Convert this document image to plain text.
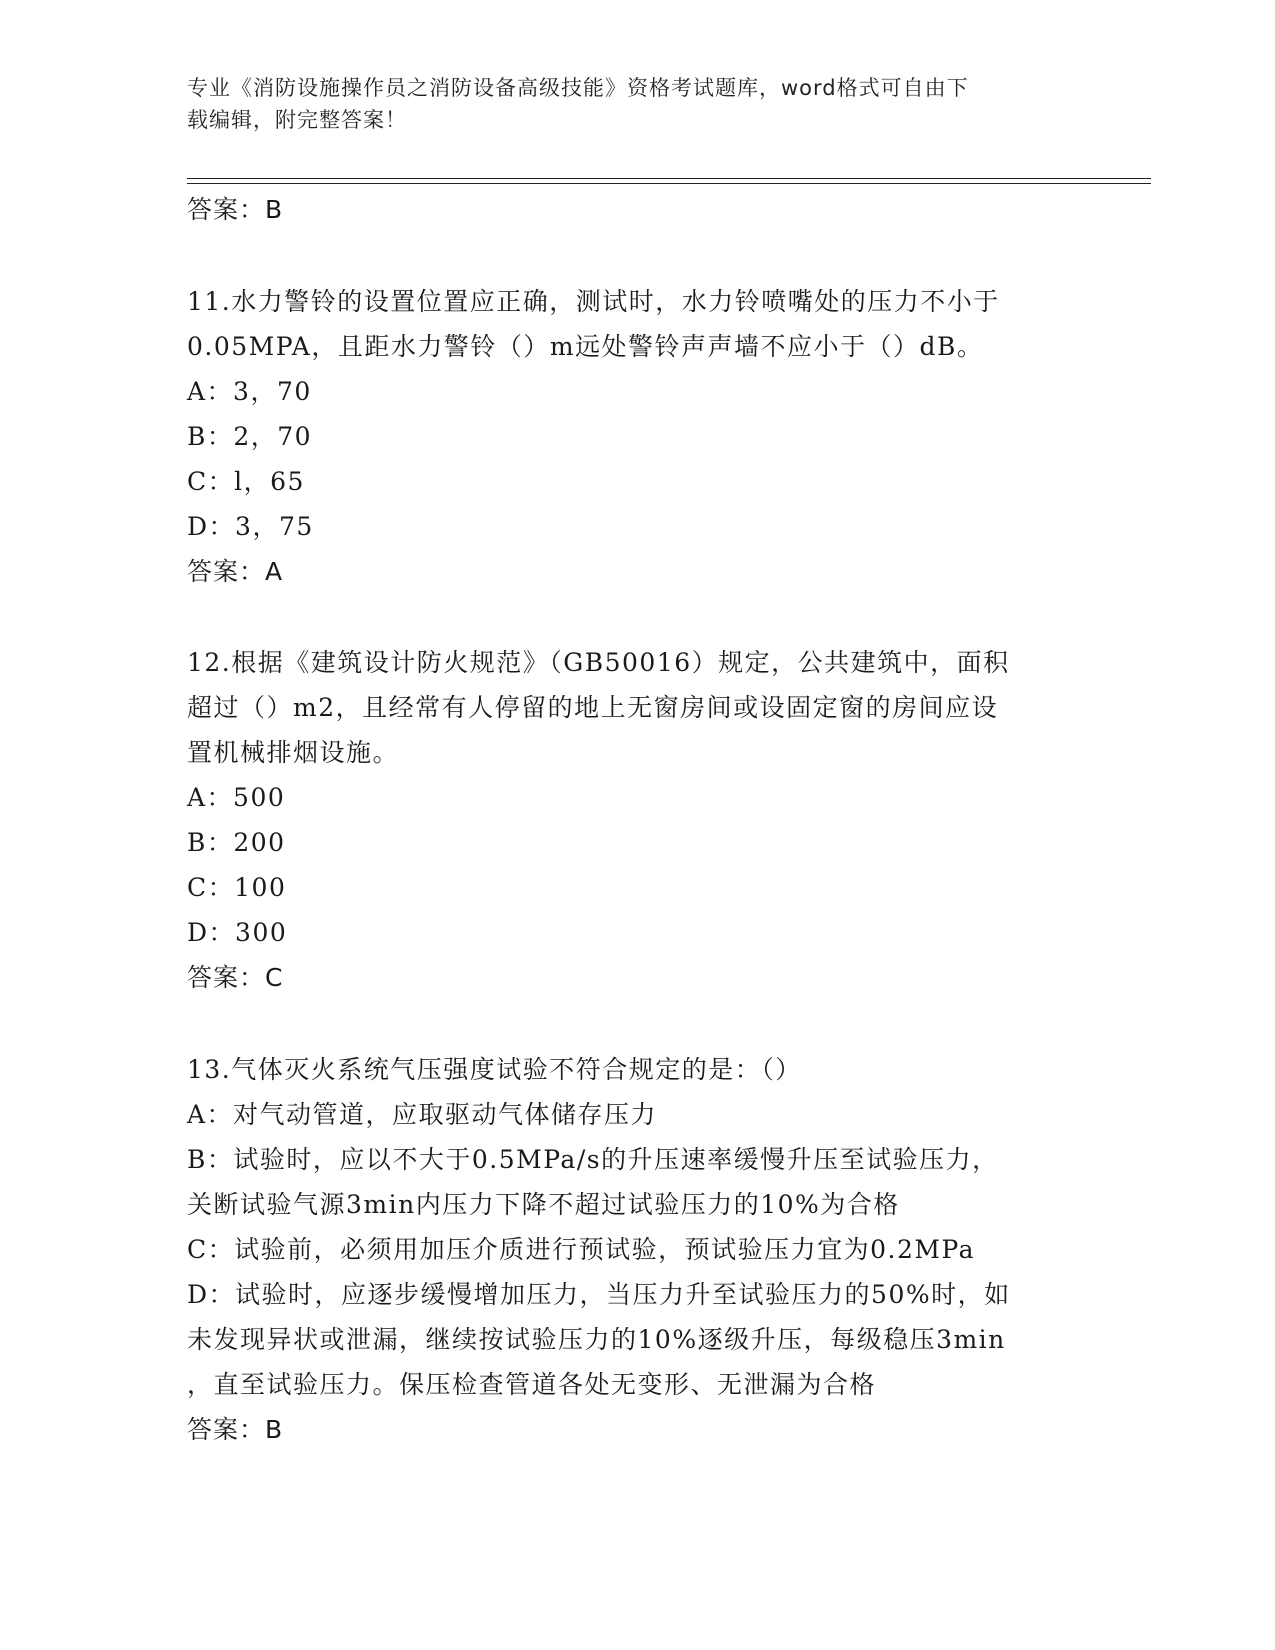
专业《消防设施操作员之消防设备高级技能》资格考试题库，word格式可自由下
载编辑，附完整答案！
答案：B
11.水力警铃的设置位置应正确，测试时，水力铃喷嘴处的压力不小于
0.05MPA，且距水力警铃（）m远处警铃声声墙不应小于（）dB。
A：3，70
B：2，70
C：l，65
D：3，75
答案：A
12.根据《建筑设计防火规范》（GB50016）规定，公共建筑中，面积
超过（）m2，且经常有人停留的地上无窗房间或设固定窗的房间应设
置机械排烟设施。
A：500
B：200
C：100
D：300
答案：C
13.气体灭火系统气压强度试验不符合规定的是：（）
A：对气动管道，应取驱动气体储存压力
B：试验时，应以不大于0.5MPa/s的升压速率缓慢升压至试验压力，
关断试验气源3min内压力下降不超过试验压力的10%为合格
C：试验前，必须用加压介质进行预试验，预试验压力宜为0.2MPa
D：试验时，应逐步缓慢增加压力，当压力升至试验压力的50%时，如
未发现异状或泄漏，继续按试验压力的10%逐级升压，每级稳压3min
，直至试验压力。保压检查管道各处无变形、无泄漏为合格
答案：B
